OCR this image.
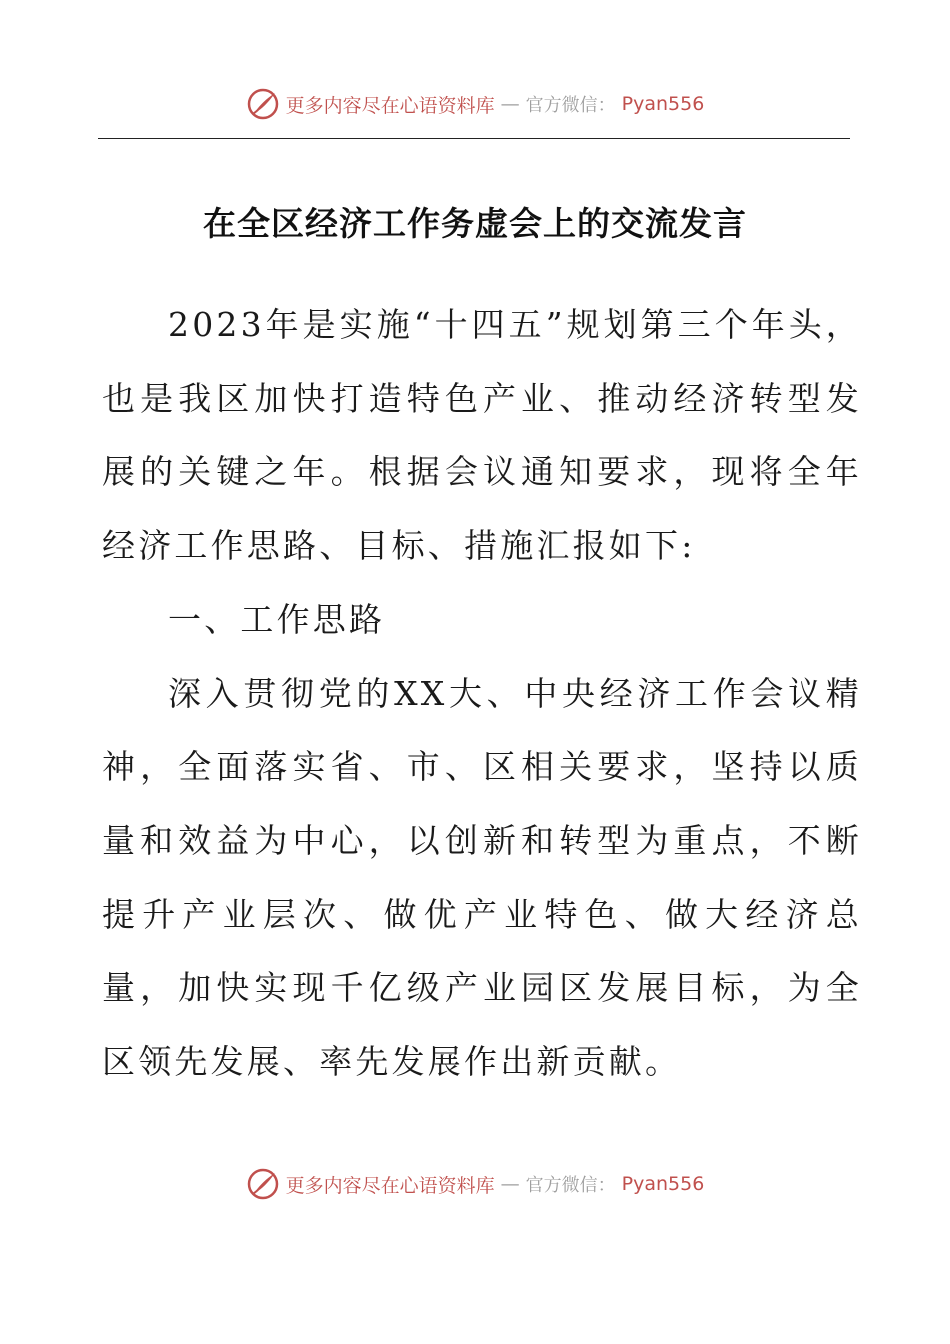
更多内容尽在心语资料库 — 官方微信： Pyan556
在全区经济工作务虚会上的交流发言

2023年是实施“十四五”规划第三个年头，也是我区加快打造特色产业、推动经济转型发展的关键之年。根据会议通知要求，现将全年经济工作思路、目标、措施汇报如下:

一、工作思路

深入贯彻党的XX大、中央经济工作会议精神，全面落实省、市、区相关要求，坚持以质量和效益为中心，以创新和转型为重点，不断提升产业层次、做优产业特色、做大经济总量，加快实现千亿级产业园区发展目标，为全区领先发展、率先发展作出新贡献。

更多内容尽在心语资料库 — 官方微信： Pyan556
